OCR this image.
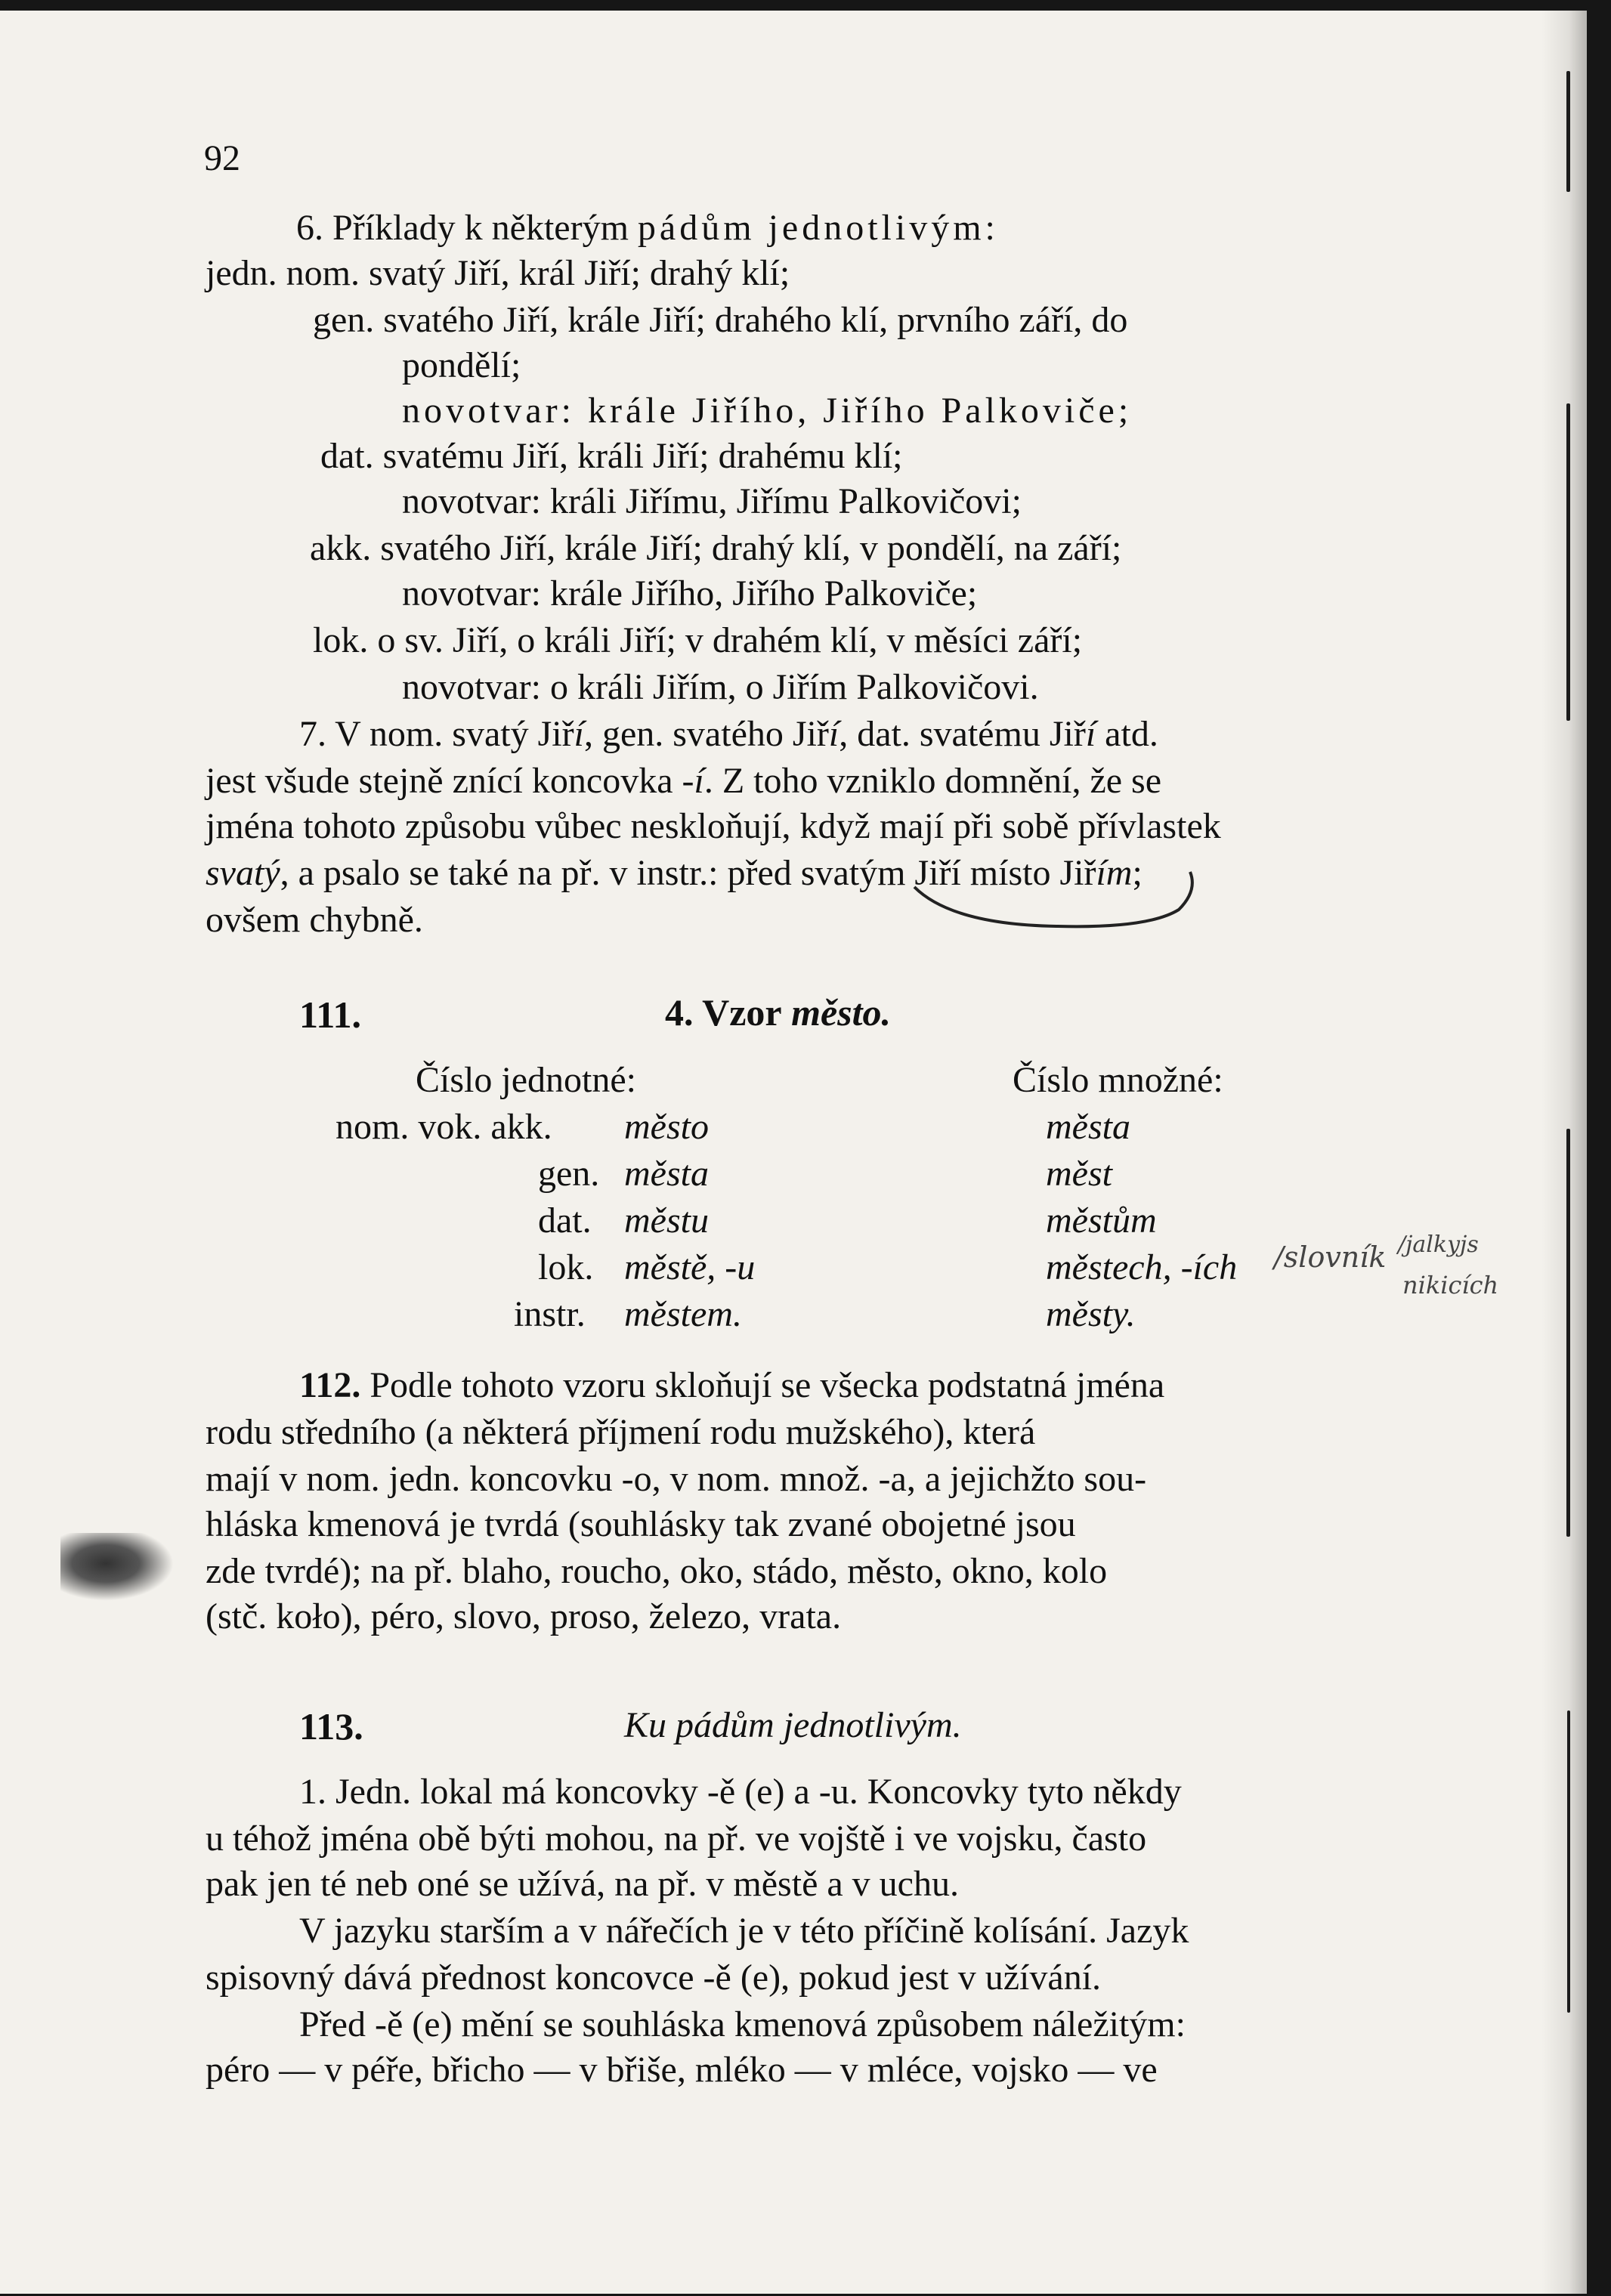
92
6. Příklady k některým pádům jednotlivým:
jedn. nom. svatý Jiří, král Jiří; drahý klí;
gen. svatého Jiří, krále Jiří; drahého klí, prvního září, do
pondělí;
novotvar: krále Jiřího, Jiřího Palkoviče;
dat. svatému Jiří, králi Jiří; drahému klí;
novotvar: králi Jiřímu, Jiřímu Palkovičovi;
akk. svatého Jiří, krále Jiří; drahý klí, v pondělí, na září;
novotvar: krále Jiřího, Jiřího Palkoviče;
lok. o sv. Jiří, o králi Jiří; v drahém klí, v měsíci září;
novotvar: o králi Jiřím, o Jiřím Palkovičovi.
7. V nom. svatý Jiří, gen. svatého Jiří, dat. svatému Jiří atd.
jest všude stejně znící koncovka -í. Z toho vzniklo domnění, že se
jména tohoto způsobu vůbec neskloňují, když mají při sobě přívlastek
svatý, a psalo se také na př. v instr.: před svatým Jiří místo Jiřím;
ovšem chybně.
111.	4. Vzor město.
Číslo jednotné:	Číslo množné:
nom. vok. akk. město	města
gen. města	měst
dat. městu	městům
lok. městě, -u	městech, -ích
instr. městem.	městy.
/slovník /jalkyjs
nikicích
112. Podle tohoto vzoru skloňují se všecka podstatná jména
rodu středního (a některá příjmení rodu mužského), která
mají v nom. jedn. koncovku -o, v nom. množ. -a, a jejichžto sou-
hláska kmenová je tvrdá (souhlásky tak zvané obojetné jsou
zde tvrdé); na př. blaho, roucho, oko, stádo, město, okno, kolo
(stč. koło), péro, slovo, proso, železo, vrata.
113.	Ku pádům jednotlivým.
1. Jedn. lokal má koncovky -ě (e) a -u. Koncovky tyto někdy
u téhož jména obě býti mohou, na př. ve vojště i ve vojsku, často
pak jen té neb oné se užívá, na př. v městě a v uchu.
V jazyku starším a v nářečích je v této příčině kolísání. Jazyk
spisovný dává přednost koncovce -ě (e), pokud jest v užívání.
Před -ě (e) mění se souhláska kmenová způsobem náležitým:
péro — v péře, břicho — v břiše, mléko — v mléce, vojsko — ve
